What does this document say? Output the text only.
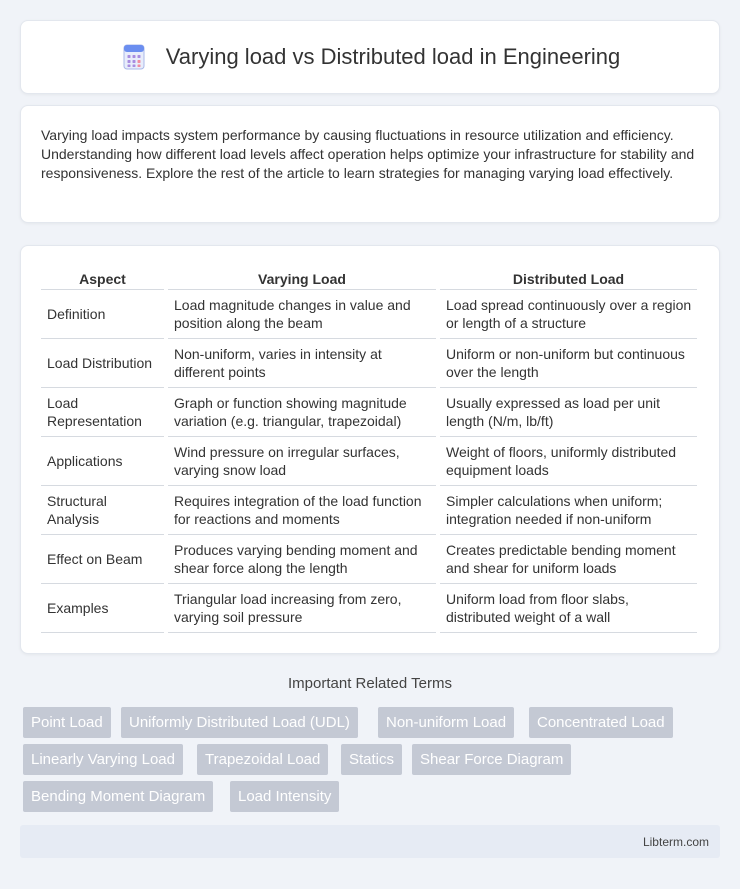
Varying load vs Distributed load in Engineering

Varying load impacts system performance by causing fluctuations in resource utilization and efficiency. Understanding how different load levels affect operation helps optimize your infrastructure for stability and responsiveness. Explore the rest of the article to learn strategies for managing varying load effectively.

Aspect	Varying Load	Distributed Load
Definition	Load magnitude changes in value and position along the beam	Load spread continuously over a region or length of a structure
Load Distribution	Non-uniform, varies in intensity at different points	Uniform or non-uniform but continuous over the length
Load Representation	Graph or function showing magnitude variation (e.g. triangular, trapezoidal)	Usually expressed as load per unit length (N/m, lb/ft)
Applications	Wind pressure on irregular surfaces, varying snow load	Weight of floors, uniformly distributed equipment loads
Structural Analysis	Requires integration of the load function for reactions and moments	Simpler calculations when uniform; integration needed if non-uniform
Effect on Beam	Produces varying bending moment and shear force along the length	Creates predictable bending moment and shear for uniform loads
Examples	Triangular load increasing from zero, varying soil pressure	Uniform load from floor slabs, distributed weight of a wall
Important Related Terms
Point Load	Uniformly Distributed Load (UDL)	Non-uniform Load	Concentrated Load
Linearly Varying Load	Trapezoidal Load	Statics	Shear Force Diagram
Bending Moment Diagram	Load Intensity
Libterm.com
